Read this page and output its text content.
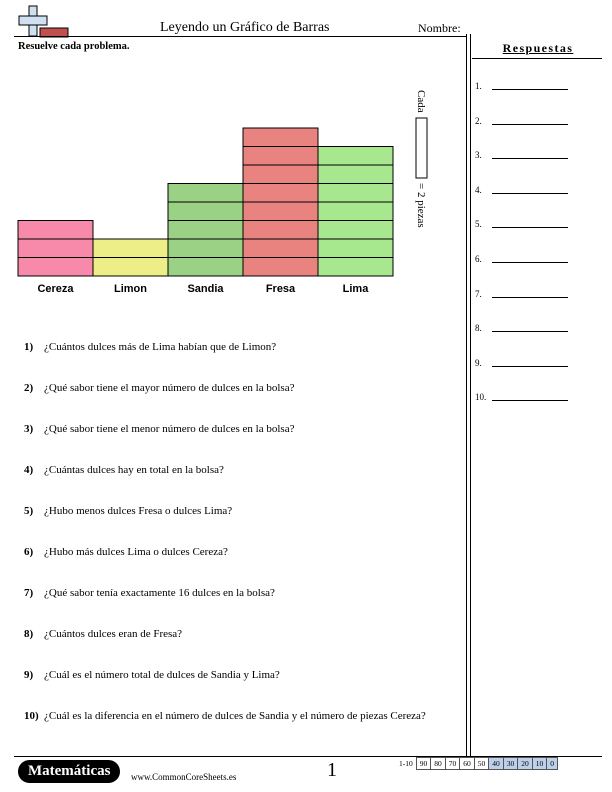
Leyendo un Gráfico de Barras	Nombre:
Resuelve cada problema.
Cereza	Limon	Sandia	Fresa	Lima
Cada
= 2 piezas
1) ¿Cuántos dulces más de Lima habían que de Limon?
2) ¿Qué sabor tiene el mayor número de dulces en la bolsa?
3) ¿Qué sabor tiene el menor número de dulces en la bolsa?
4) ¿Cuántas dulces hay en total en la bolsa?
5) ¿Hubo menos dulces Fresa o dulces Lima?
6) ¿Hubo más dulces Lima o dulces Cereza?
7) ¿Qué sabor tenía exactamente 16 dulces en la bolsa?
8) ¿Cuántos dulces eran de Fresa?
9) ¿Cuál es el número total de dulces de Sandia y Lima?
10) ¿Cuál es la diferencia en el número de dulces de Sandia y el número de piezas Cereza?
Respuestas
1.
2.
3.
4.
5.
6.
7.
8.
9.
10.
Matemáticas	www.CommonCoreSheets.es	1	1-10 90 80 70 60 50 40 30 20 10 0
